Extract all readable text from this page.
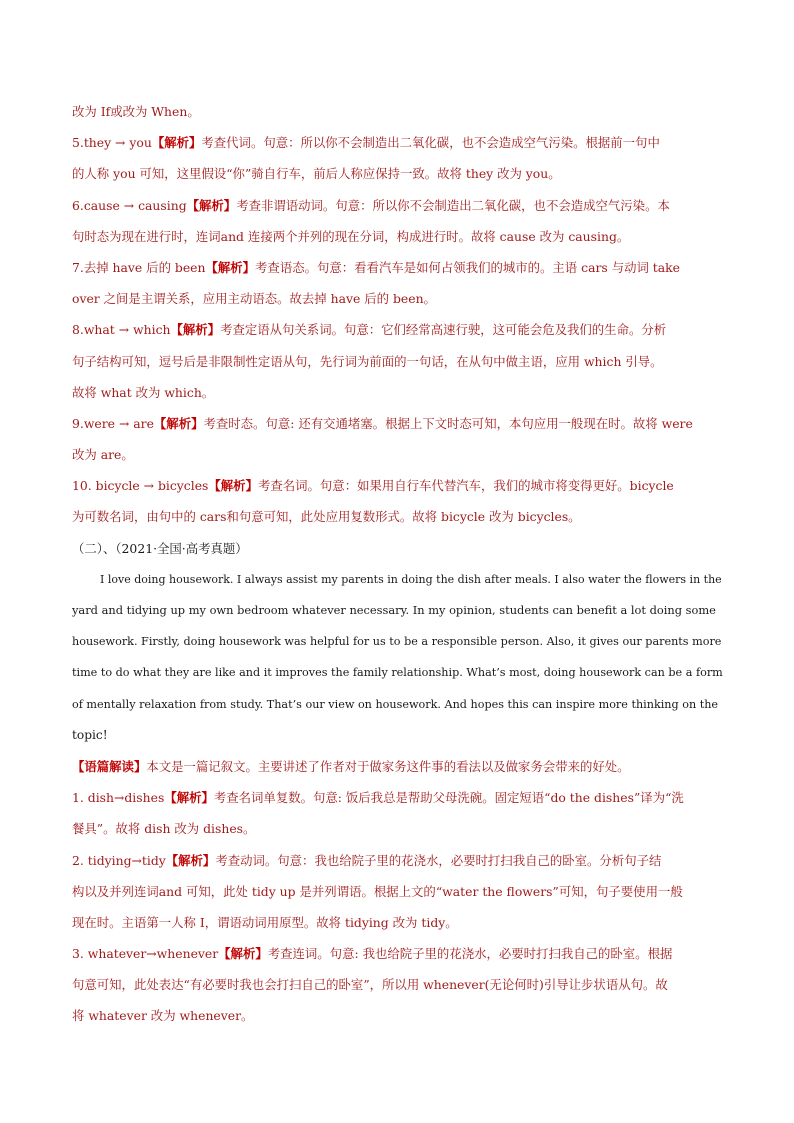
改为 If或改为 When。
5.they → you【解析】考查代词。句意：所以你不会制造出二氧化碳，也不会造成空气污染。根据前一句中
的人称 you 可知，这里假设“你”骑自行车，前后人称应保持一致。故将 they 改为 you。
6.cause → causing【解析】考查非谓语动词。句意：所以你不会制造出二氧化碳，也不会造成空气污染。本
句时态为现在进行时，连词and 连接两个并列的现在分词，构成进行时。故将 cause 改为 causing。
7.去掉 have 后的 been【解析】考查语态。句意：看看汽车是如何占领我们的城市的。主语 cars 与动词 take
over 之间是主谓关系，应用主动语态。故去掉 have 后的 been。
8.what → which【解析】考查定语从句关系词。句意：它们经常高速行驶，这可能会危及我们的生命。分析
句子结构可知，逗号后是非限制性定语从句，先行词为前面的一句话，在从句中做主语，应用 which 引导。
故将 what 改为 which。
9.were → are【解析】考查时态。句意: 还有交通堵塞。根据上下文时态可知，本句应用一般现在时。故将 were
改为 are。
10. bicycle → bicycles【解析】考查名词。句意：如果用自行车代替汽车，我们的城市将变得更好。bicycle
为可数名词，由句中的 cars和句意可知，此处应用复数形式。故将 bicycle 改为 bicycles。
（二）、（2021·全国·高考真题）
I love doing housework. I always assist my parents in doing the dish after meals. I also water the flowers in the
yard and tidying up my own bedroom whatever necessary. In my opinion, students can benefit a lot doing some
housework. Firstly, doing housework was helpful for us to be a responsible person. Also, it gives our parents more
time to do what they are like and it improves the family relationship. What’s most, doing housework can be a form
of mentally relaxation from study. That’s our view on housework. And hopes this can inspire more thinking on the
topic!
【语篇解读】本文是一篇记叙文。主要讲述了作者对于做家务这件事的看法以及做家务会带来的好处。
1. dish→dishes【解析】考查名词单复数。句意: 饭后我总是帮助父母洗碗。固定短语“do the dishes”译为“洗
餐具”。故将 dish 改为 dishes。
2. tidying→tidy【解析】考查动词。句意：我也给院子里的花浇水，必要时打扫我自己的卧室。分析句子结
构以及并列连词and 可知，此处 tidy up 是并列谓语。根据上文的“water the flowers”可知，句子要使用一般
现在时。主语第一人称 I，谓语动词用原型。故将 tidying 改为 tidy。
3. whatever→whenever【解析】考查连词。句意: 我也给院子里的花浇水，必要时打扫我自己的卧室。根据
句意可知，此处表达“有必要时我也会打扫自己的卧室”，所以用 whenever(无论何时)引导让步状语从句。故
将 whatever 改为 whenever。
